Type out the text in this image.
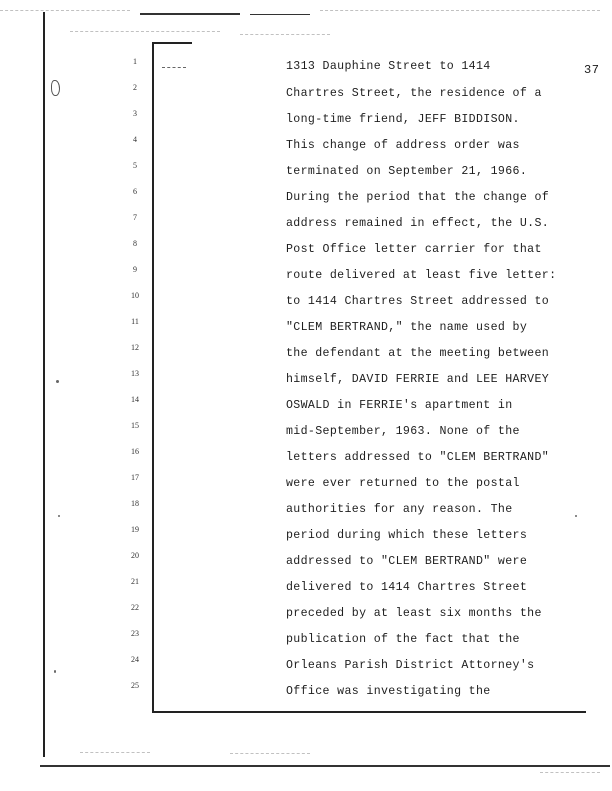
37
1
2
3
4
5
6
7
8
9
10
11
12
13
14
15
16
17
18
19
20
21
22
23
24
25
1313 Dauphine Street to 1414
Chartres Street, the residence of a
long-time friend, JEFF BIDDISON.
This change of address order was
terminated on September 21, 1966.
During the period that the change of
address remained in effect, the U.S.
Post Office letter carrier for that
route delivered at least five letter:
to 1414 Chartres Street addressed to
"CLEM BERTRAND," the name used by
the defendant at the meeting between
himself, DAVID FERRIE and LEE HARVEY
OSWALD in FERRIE's apartment in
mid-September, 1963. None of the
letters addressed to "CLEM BERTRAND"
were ever returned to the postal
authorities for any reason. The
period during which these letters
addressed to "CLEM BERTRAND" were
delivered to 1414 Chartres Street
preceded by at least six months the
publication of the fact that the
Orleans Parish District Attorney's
Office was investigating the
